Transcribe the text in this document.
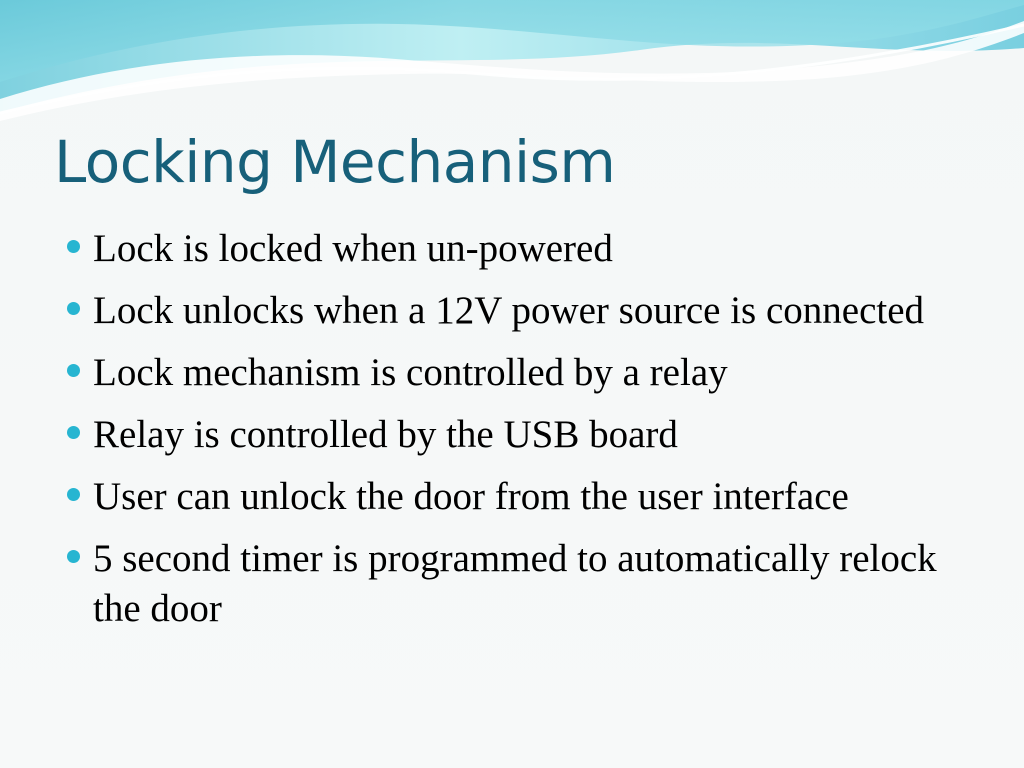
Locking Mechanism
Lock is locked when un-powered
Lock unlocks when a 12V power source is connected
Lock mechanism is controlled by a relay
Relay is controlled by the USB board
User can unlock the door from the user interface
5 second timer is programmed to automatically relock the door
